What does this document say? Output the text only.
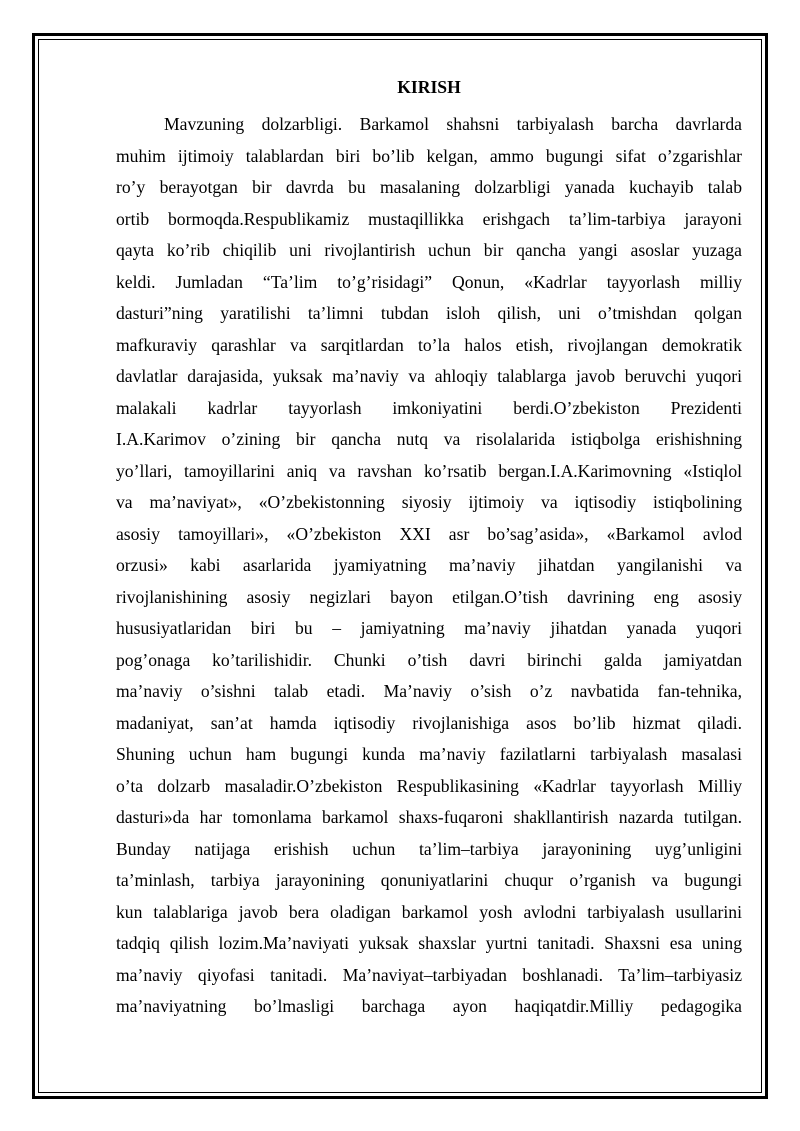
KIRISH
Mavzuning dolzarbligi. Barkamol shahsni tarbiyalash barcha davrlarda
muhim ijtimoiy talablardan biri bo’lib kelgan, ammo bugungi sifat o’zgarishlar
ro’y berayotgan bir davrda bu masalaning dolzarbligi yanada kuchayib talab
ortib bormoqda.Respublikamiz mustaqillikka erishgach ta’lim-tarbiya jarayoni
qayta ko’rib chiqilib uni rivojlantirish uchun bir qancha yangi asoslar yuzaga
keldi. Jumladan “Ta’lim to’g’risidagi” Qonun, «Kadrlar tayyorlash milliy
dasturi”ning yaratilishi ta’limni tubdan isloh qilish, uni o’tmishdan qolgan
mafkuraviy qarashlar va sarqitlardan to’la halos etish, rivojlangan demokratik
davlatlar darajasida, yuksak ma’naviy va ahloqiy talablarga javob beruvchi yuqori
malakali kadrlar tayyorlash imkoniyatini berdi.O’zbekiston Prezidenti
I.A.Karimov o’zining bir qancha nutq va risolalarida istiqbolga erishishning
yo’llari, tamoyillarini aniq va ravshan ko’rsatib bergan.I.A.Karimovning «Istiqlol
va ma’naviyat», «O’zbekistonning siyosiy ijtimoiy va iqtisodiy istiqbolining
asosiy tamoyillari», «O’zbekiston XXI asr bo’sag’asida», «Barkamol avlod
orzusi» kabi asarlarida jyamiyatning ma’naviy jihatdan yangilanishi va
rivojlanishining asosiy negizlari bayon etilgan.O’tish davrining eng asosiy
hususiyatlaridan biri bu – jamiyatning ma’naviy jihatdan yanada yuqori
pog’onaga ko’tarilishidir. Chunki o’tish davri birinchi galda jamiyatdan
ma’naviy o’sishni talab etadi. Ma’naviy o’sish o’z navbatida fan-tehnika,
madaniyat, san’at hamda iqtisodiy rivojlanishiga asos bo’lib hizmat qiladi.
Shuning uchun ham bugungi kunda ma’naviy fazilatlarni tarbiyalash masalasi
o’ta dolzarb masaladir.O’zbekiston Respublikasining «Kadrlar tayyorlash Milliy
dasturi»da har tomonlama barkamol shaxs-fuqaroni shakllantirish nazarda tutilgan.
Bunday natijaga erishish uchun ta’lim–tarbiya jarayonining uyg’unligini
ta’minlash, tarbiya jarayonining qonuniyatlarini chuqur o’rganish va bugungi
kun talablariga javob bera oladigan barkamol yosh avlodni tarbiyalash usullarini
tadqiq qilish lozim.Ma’naviyati yuksak shaxslar yurtni tanitadi. Shaxsni esa uning
ma’naviy qiyofasi tanitadi. Ma’naviyat–tarbiyadan boshlanadi. Ta’lim–tarbiyasiz
ma’naviyatning bo’lmasligi barchaga ayon haqiqatdir.Milliy pedagogika
